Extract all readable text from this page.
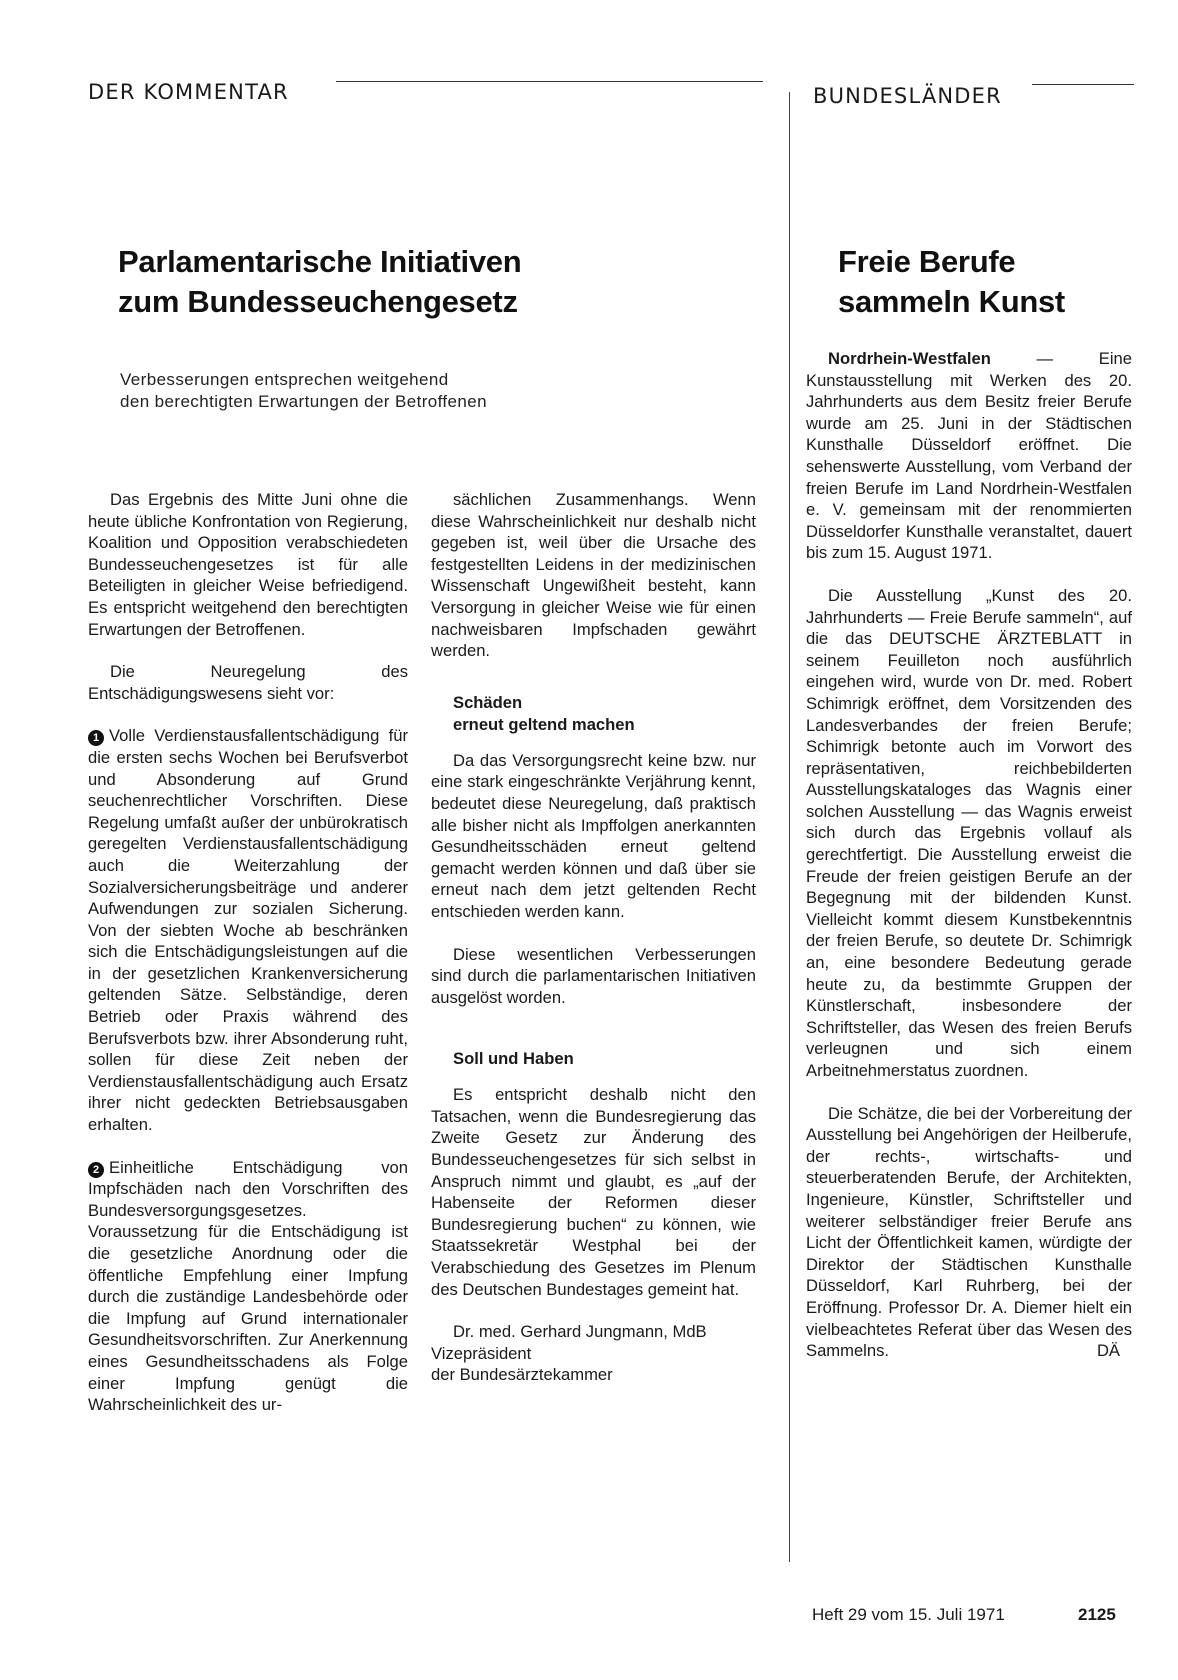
DER KOMMENTAR	BUNDESLÄNDER
Parlamentarische Initiativen
zum Bundesseuchengesetz
Verbesserungen entsprechen weitgehend
den berechtigten Erwartungen der Betroffenen

Das Ergebnis des Mitte Juni ohne die heute übliche Konfrontation von Regierung, Koalition und Opposition verabschiedeten Bundesseuchengesetzes ist für alle Beteiligten in gleicher Weise befriedigend. Es entspricht weitgehend den berechtigten Erwartungen der Betroffenen.

Die Neuregelung des Entschädigungswesens sieht vor:

1 Volle Verdienstausfallentschädigung für die ersten sechs Wochen bei Berufsverbot und Absonderung auf Grund seuchenrechtlicher Vorschriften. Diese Regelung umfaßt außer der unbürokratisch geregelten Verdienstausfallentschädigung auch die Weiterzahlung der Sozialversicherungsbeiträge und anderer Aufwendungen zur sozialen Sicherung. Von der siebten Woche ab beschränken sich die Entschädigungsleistungen auf die in der gesetzlichen Krankenversicherung geltenden Sätze. Selbständige, deren Betrieb oder Praxis während des Berufsverbots bzw. ihrer Absonderung ruht, sollen für diese Zeit neben der Verdienstausfallentschädigung auch Ersatz ihrer nicht gedeckten Betriebsausgaben erhalten.

2 Einheitliche Entschädigung von Impfschäden nach den Vorschriften des Bundesversorgungsgesetzes. Voraussetzung für die Entschädigung ist die gesetzliche Anordnung oder die öffentliche Empfehlung einer Impfung durch die zuständige Landesbehörde oder die Impfung auf Grund internationaler Gesundheitsvorschriften. Zur Anerkennung eines Gesundheitsschadens als Folge einer Impfung genügt die Wahrscheinlichkeit des ur-

sächlichen Zusammenhangs. Wenn diese Wahrscheinlichkeit nur deshalb nicht gegeben ist, weil über die Ursache des festgestellten Leidens in der medizinischen Wissenschaft Ungewißheit besteht, kann Versorgung in gleicher Weise wie für einen nachweisbaren Impfschaden gewährt werden.

Schäden
erneut geltend machen

Da das Versorgungsrecht keine bzw. nur eine stark eingeschränkte Verjährung kennt, bedeutet diese Neuregelung, daß praktisch alle bisher nicht als Impffolgen anerkannten Gesundheitsschäden erneut geltend gemacht werden können und daß über sie erneut nach dem jetzt geltenden Recht entschieden werden kann.

Diese wesentlichen Verbesserungen sind durch die parlamentarischen Initiativen ausgelöst worden.

Soll und Haben

Es entspricht deshalb nicht den Tatsachen, wenn die Bundesregierung das Zweite Gesetz zur Änderung des Bundesseuchengesetzes für sich selbst in Anspruch nimmt und glaubt, es „auf der Habenseite der Reformen dieser Bundesregierung buchen“ zu können, wie Staatssekretär Westphal bei der Verabschiedung des Gesetzes im Plenum des Deutschen Bundestages gemeint hat.

Dr. med. Gerhard Jungmann, MdB
Vizepräsident
der Bundesärztekammer

Freie Berufe
sammeln Kunst

Nordrhein-Westfalen — Eine Kunstausstellung mit Werken des 20. Jahrhunderts aus dem Besitz freier Berufe wurde am 25. Juni in der Städtischen Kunsthalle Düsseldorf eröffnet. Die sehenswerte Ausstellung, vom Verband der freien Berufe im Land Nordrhein-Westfalen e. V. gemeinsam mit der renommierten Düsseldorfer Kunsthalle veranstaltet, dauert bis zum 15. August 1971.

Die Ausstellung „Kunst des 20. Jahrhunderts — Freie Berufe sammeln“, auf die das DEUTSCHE ÄRZTEBLATT in seinem Feuilleton noch ausführlich eingehen wird, wurde von Dr. med. Robert Schimrigk eröffnet, dem Vorsitzenden des Landesverbandes der freien Berufe; Schimrigk betonte auch im Vorwort des repräsentativen, reichbebilderten Ausstellungskataloges das Wagnis einer solchen Ausstellung — das Wagnis erweist sich durch das Ergebnis vollauf als gerechtfertigt. Die Ausstellung erweist die Freude der freien geistigen Berufe an der Begegnung mit der bildenden Kunst. Vielleicht kommt diesem Kunstbekenntnis der freien Berufe, so deutete Dr. Schimrigk an, eine besondere Bedeutung gerade heute zu, da bestimmte Gruppen der Künstlerschaft, insbesondere der Schriftsteller, das Wesen des freien Berufs verleugnen und sich einem Arbeitnehmerstatus zuordnen.

Die Schätze, die bei der Vorbereitung der Ausstellung bei Angehörigen der Heilberufe, der rechts-, wirtschafts- und steuerberatenden Berufe, der Architekten, Ingenieure, Künstler, Schriftsteller und weiterer selbständiger freier Berufe ans Licht der Öffentlichkeit kamen, würdigte der Direktor der Städtischen Kunsthalle Düsseldorf, Karl Ruhrberg, bei der Eröffnung. Professor Dr. A. Diemer hielt ein vielbeachtetes Referat über das Wesen des Sammelns.	DÄ

Heft 29 vom 15. Juli 1971	2125
